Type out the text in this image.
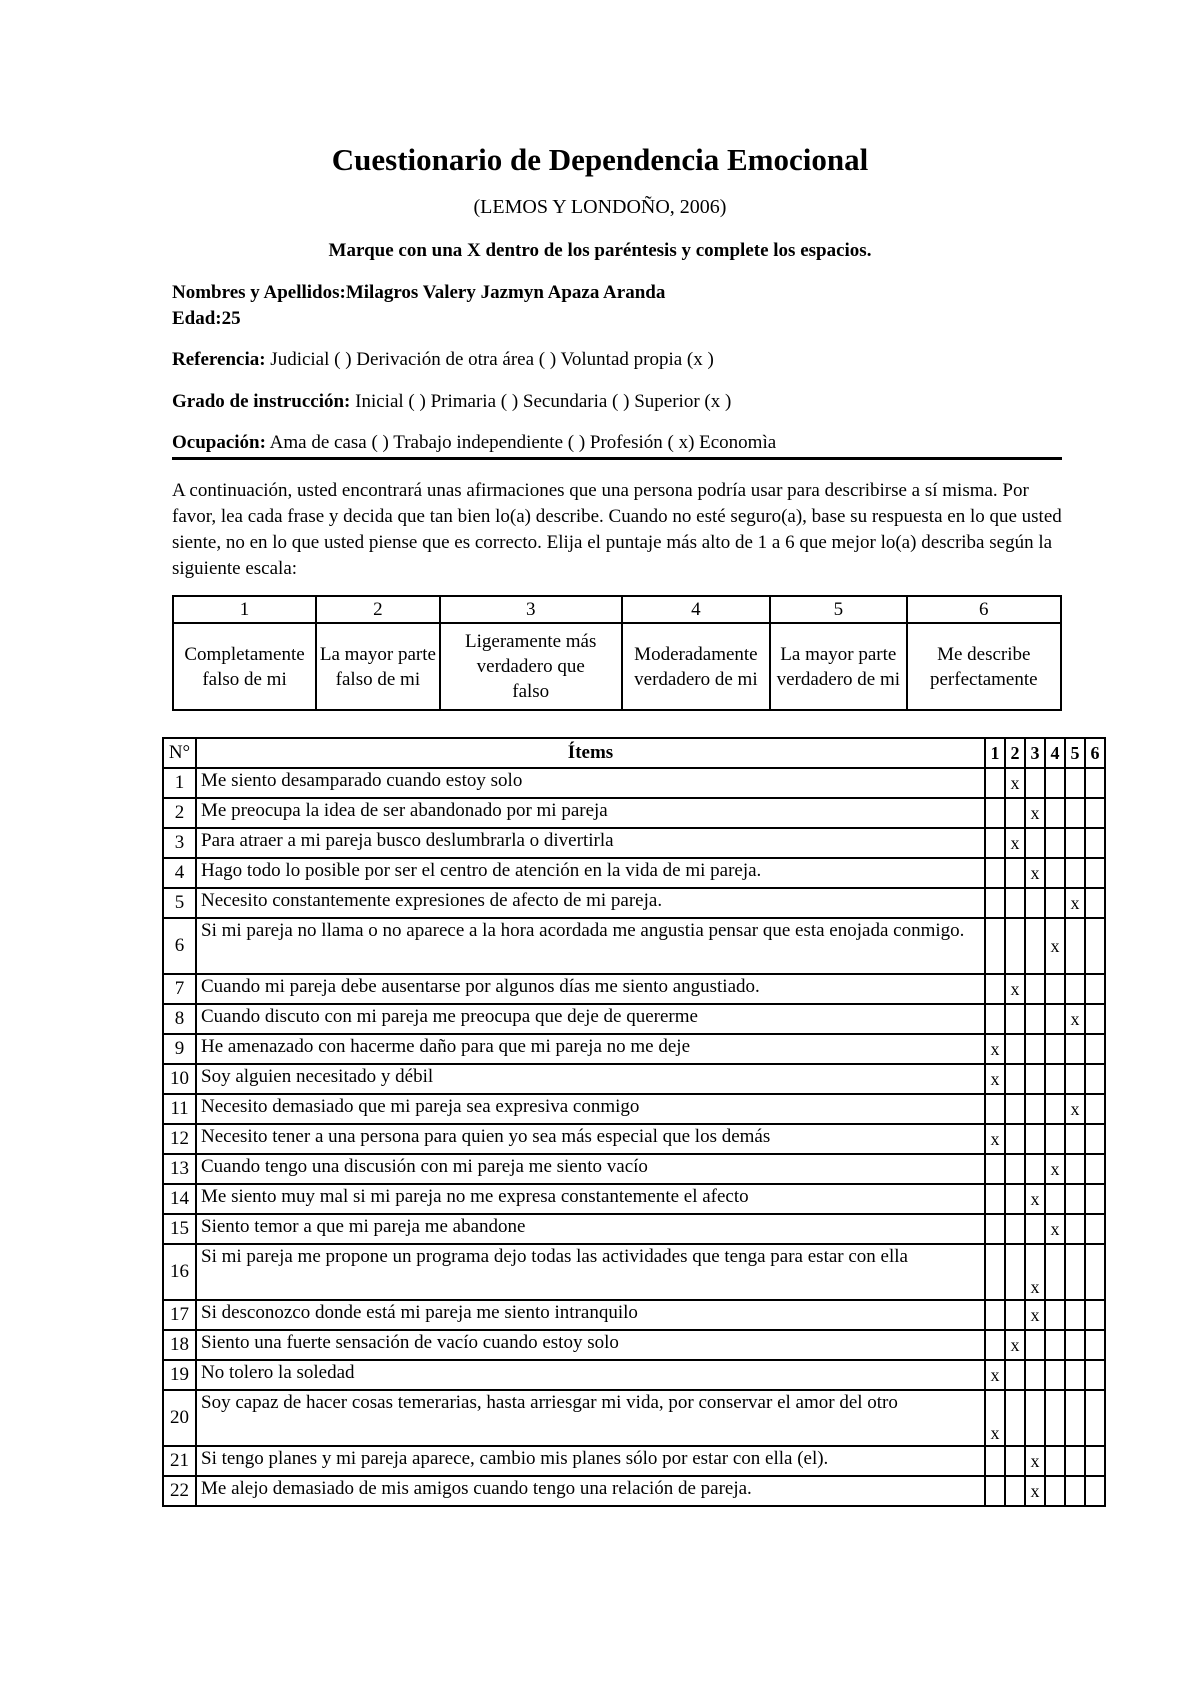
Cuestionario de Dependencia Emocional
(LEMOS Y LONDOÑO, 2006)
Marque con una X dentro de los paréntesis y complete los espacios.
Nombres y Apellidos:Milagros Valery Jazmyn Apaza Aranda
Edad:25
Referencia: Judicial ( ) Derivación de otra área ( ) Voluntad propia (x )
Grado de instrucción: Inicial ( ) Primaria ( ) Secundaria ( ) Superior (x )
Ocupación: Ama de casa ( ) Trabajo independiente ( ) Profesión ( x) Economìa
A continuación, usted encontrará unas afirmaciones que una persona podría usar para describirse a sí misma. Por favor, lea cada frase y decida que tan bien lo(a) describe. Cuando no esté seguro(a), base su respuesta en lo que usted siente, no en lo que usted piense que es correcto. Elija el puntaje más alto de 1 a 6 que mejor lo(a) describa según la siguiente escala:
1	2	3	4	5	6
Completamente falso de mi	La mayor parte falso de mi	Ligeramente más verdadero que falso	Moderadamente verdadero de mi	La mayor parte verdadero de mi	Me describe perfectamente
N°	Ítems	1	2	3	4	5	6
1	Me siento desamparado cuando estoy solo		x				
2	Me preocupa la idea de ser abandonado por mi pareja			x			
3	Para atraer a mi pareja busco deslumbrarla o divertirla		x				
4	Hago todo lo posible por ser el centro de atención en la vida de mi pareja.			x			
5	Necesito constantemente expresiones de afecto de mi pareja.					x	
6	Si mi pareja no llama o no aparece a la hora acordada me angustia pensar que esta enojada conmigo.				x		
7	Cuando mi pareja debe ausentarse por algunos días me siento angustiado.		x				
8	Cuando discuto con mi pareja me preocupa que deje de quererme					x	
9	He amenazado con hacerme daño para que mi pareja no me deje	x					
10	Soy alguien necesitado y débil	x					
11	Necesito demasiado que mi pareja sea expresiva conmigo					x	
12	Necesito tener a una persona para quien yo sea más especial que los demás	x					
13	Cuando tengo una discusión con mi pareja me siento vacío				x		
14	Me siento muy mal si mi pareja no me expresa constantemente el afecto			x			
15	Siento temor a que mi pareja me abandone				x		
16	Si mi pareja me propone un programa dejo todas las actividades que tenga para estar con ella			x			
17	Si desconozco donde está mi pareja me siento intranquilo			x			
18	Siento una fuerte sensación de vacío cuando estoy solo		x				
19	No tolero la soledad	x					
20	Soy capaz de hacer cosas temerarias, hasta arriesgar mi vida, por conservar el amor del otro	x					
21	Si tengo planes y mi pareja aparece, cambio mis planes sólo por estar con ella (el).			x			
22	Me alejo demasiado de mis amigos cuando tengo una relación de pareja.			x			
